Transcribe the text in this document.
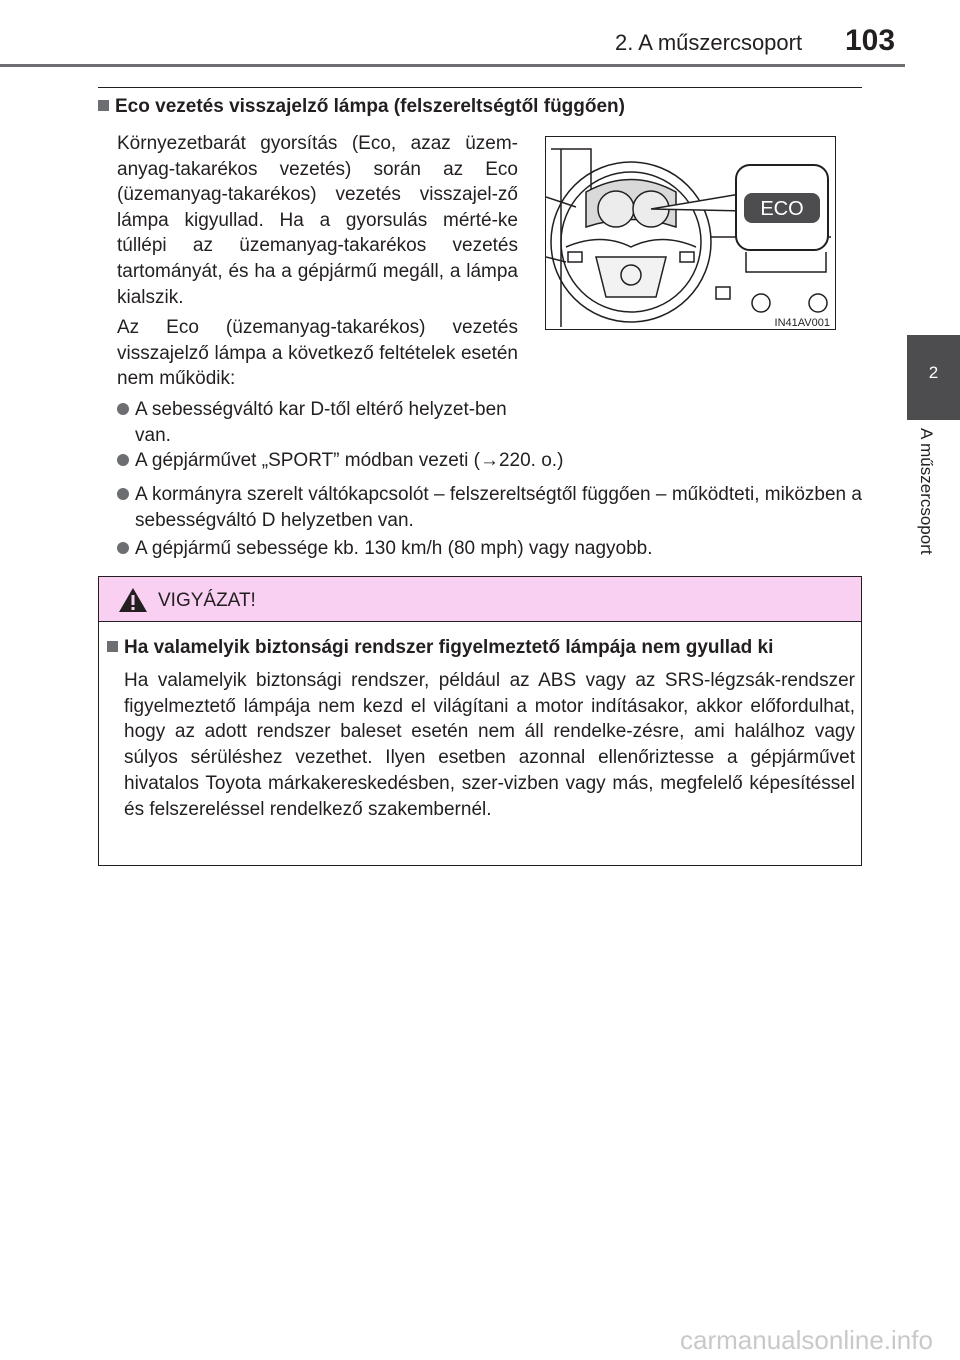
2. A műszercsoport 103
2
A műszercsoport
Eco vezetés visszajelző lámpa (felszereltségtől függően)

Környezetbarát gyorsítás (Eco, azaz üzem-anyag-takarékos vezetés) során az Eco (üzemanyag-takarékos) vezetés visszajel-ző lámpa kigyullad. Ha a gyorsulás mérté-ke túllépi az üzemanyag-takarékos vezetés tartományát, és ha a gépjármű megáll, a lámpa kialszik.

Az Eco (üzemanyag-takarékos) vezetés visszajelző lámpa a következő feltételek esetén nem működik:

A sebességváltó kar D-től eltérő helyzet-ben van.
A gépjárművet „SPORT” módban vezeti (→220. o.)
A kormányra szerelt váltókapcsolót – felszereltségtől függően – működteti, miközben a sebességváltó D helyzetben van.
A gépjármű sebessége kb. 130 km/h (80 mph) vagy nagyobb.
ECO
IN41AV001
VIGYÁZAT!
Ha valamelyik biztonsági rendszer figyelmeztető lámpája nem gyullad ki

Ha valamelyik biztonsági rendszer, például az ABS vagy az SRS-légzsák-rendszer figyelmeztető lámpája nem kezd el világítani a motor indításakor, akkor előfordulhat, hogy az adott rendszer baleset esetén nem áll rendelke-zésre, ami halálhoz vagy súlyos sérüléshez vezethet. Ilyen esetben azonnal ellenőriztesse a gépjárművet hivatalos Toyota márkakereskedésben, szer-vizben vagy más, megfelelő képesítéssel és felszereléssel rendelkező szakembernél.

carmanualsonline.info
